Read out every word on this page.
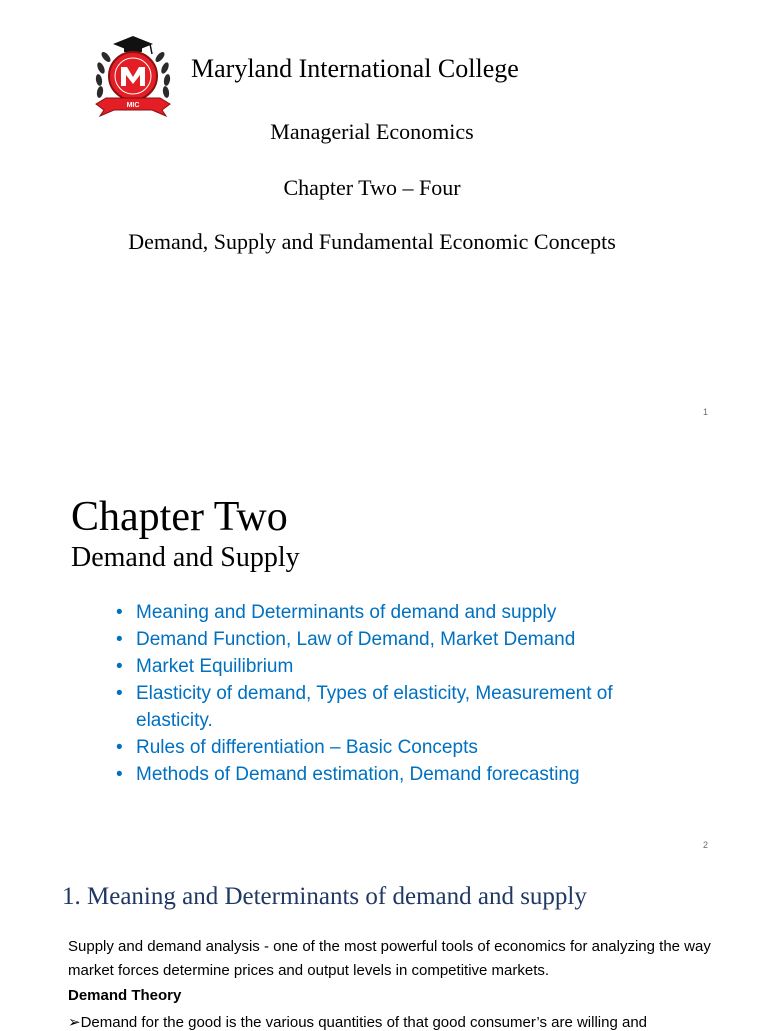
MIC
Maryland International College
Managerial Economics
Chapter Two – Four
Demand, Supply and Fundamental Economic Concepts
1
Chapter Two
Demand and Supply
• Meaning and Determinants of demand and supply
• Demand Function, Law of Demand, Market Demand
• Market Equilibrium
• Elasticity of demand, Types of elasticity, Measurement of elasticity.
• Rules of differentiation – Basic Concepts
• Methods of Demand estimation, Demand forecasting
2
1. Meaning and Determinants of demand and supply
Supply and demand analysis - one of the most powerful tools of economics for analyzing the way market forces determine prices and output levels in competitive markets.
Demand Theory
➢Demand for the good is the various quantities of that good consumer’s are willing and
